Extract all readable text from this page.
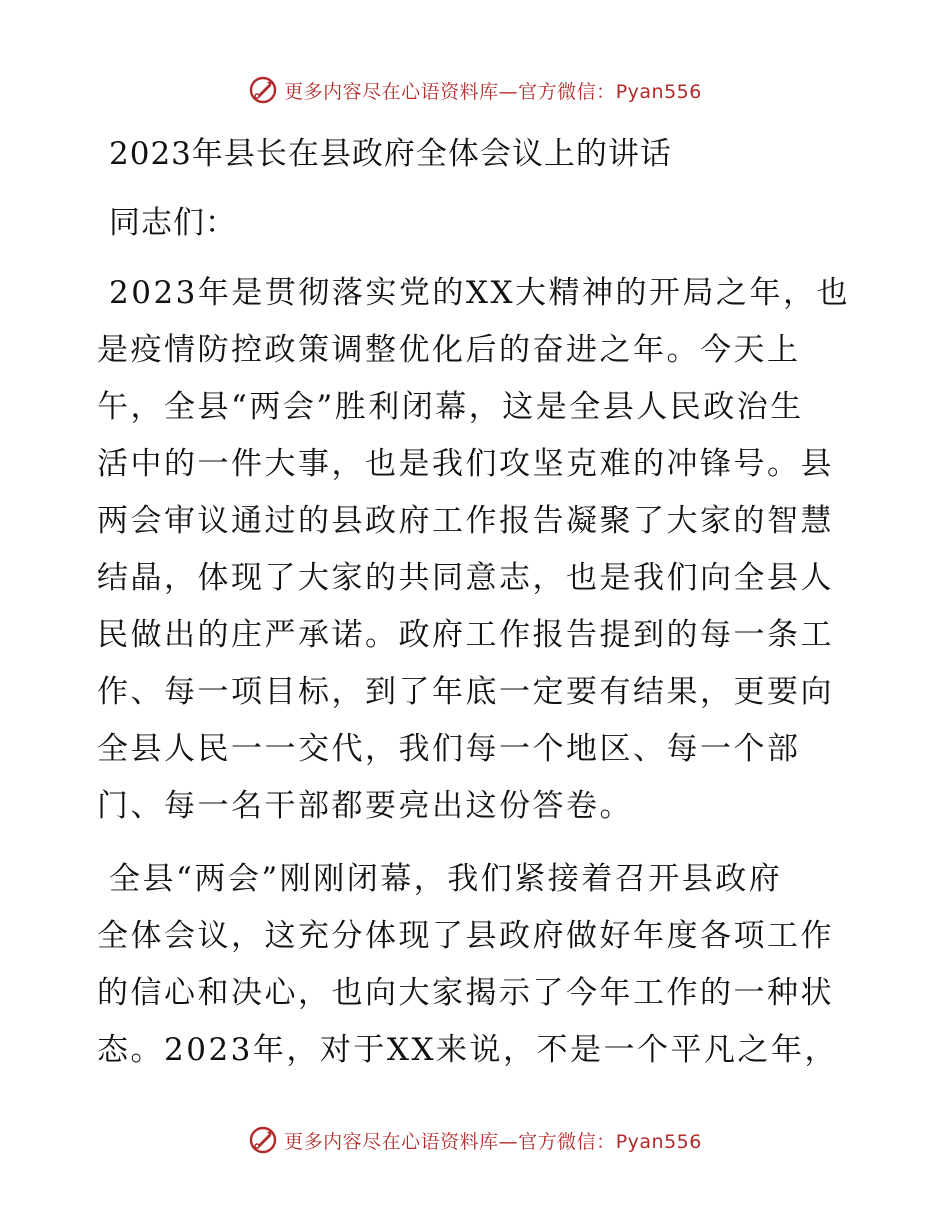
更多内容尽在心语资料库—官方微信：Pyan556
2023年县长在县政府全体会议上的讲话
同志们：
2023年是贯彻落实党的XX大精神的开局之年，也
是疫情防控政策调整优化后的奋进之年。今天上
午，全县“两会”胜利闭幕，这是全县人民政治生
活中的一件大事，也是我们攻坚克难的冲锋号。县
两会审议通过的县政府工作报告凝聚了大家的智慧
结晶，体现了大家的共同意志，也是我们向全县人
民做出的庄严承诺。政府工作报告提到的每一条工
作、每一项目标，到了年底一定要有结果，更要向
全县人民一一交代，我们每一个地区、每一个部
门、每一名干部都要亮出这份答卷。
全县“两会”刚刚闭幕，我们紧接着召开县政府
全体会议，这充分体现了县政府做好年度各项工作
的信心和决心，也向大家揭示了今年工作的一种状
态。2023年，对于XX来说，不是一个平凡之年，
更多内容尽在心语资料库—官方微信：Pyan556
